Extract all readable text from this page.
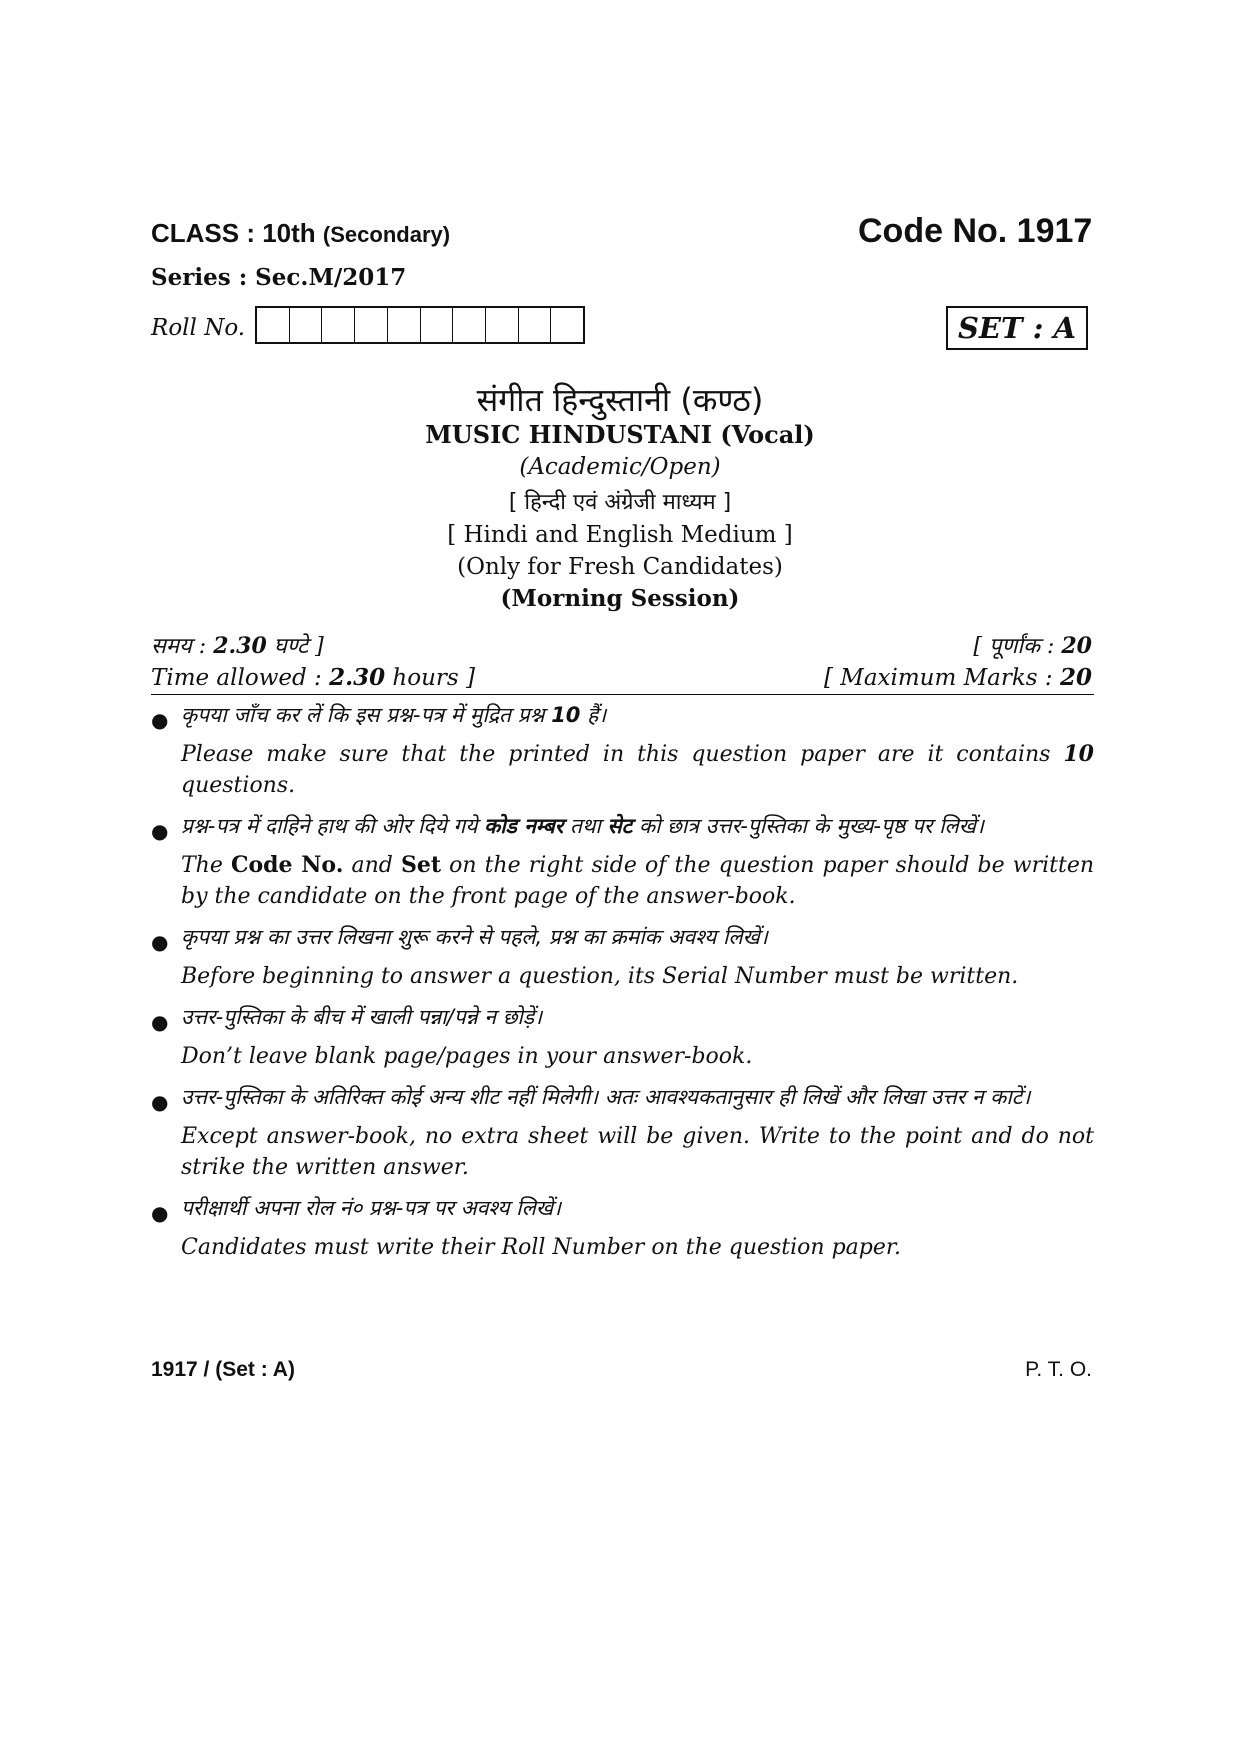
CLASS : 10th (Secondary)	Code No. 1917
Series : Sec.M/2017
Roll No.	SET : A
संगीत हिन्दुस्तानी (कण्ठ)
MUSIC HINDUSTANI (Vocal)
(Academic/Open)
[ हिन्दी एवं अंग्रेजी माध्यम ]
[ Hindi and English Medium ]
(Only for Fresh Candidates)
(Morning Session)
समय : 2.30 घण्टे ]	[ पूर्णांक : 20
Time allowed : 2.30 hours ]	[ Maximum Marks : 20
● कृपया जाँच कर लें कि इस प्रश्न-पत्र में मुद्रित प्रश्न 10 हैं।
Please make sure that the printed in this question paper are it contains 10 questions.
● प्रश्न-पत्र में दाहिने हाथ की ओर दिये गये कोड नम्बर तथा सेट को छात्र उत्तर-पुस्तिका के मुख्य-पृष्ठ पर लिखें।
The Code No. and Set on the right side of the question paper should be written by the candidate on the front page of the answer-book.
● कृपया प्रश्न का उत्तर लिखना शुरू करने से पहले, प्रश्न का क्रमांक अवश्य लिखें।
Before beginning to answer a question, its Serial Number must be written.
● उत्तर-पुस्तिका के बीच में खाली पन्ना/पन्ने न छोड़ें।
Don’t leave blank page/pages in your answer-book.
● उत्तर-पुस्तिका के अतिरिक्त कोई अन्य शीट नहीं मिलेगी। अतः आवश्यकतानुसार ही लिखें और लिखा उत्तर न काटें।
Except answer-book, no extra sheet will be given. Write to the point and do not strike the written answer.
● परीक्षार्थी अपना रोल नं० प्रश्न-पत्र पर अवश्य लिखें।
Candidates must write their Roll Number on the question paper.
1917 / (Set : A)	P. T. O.
